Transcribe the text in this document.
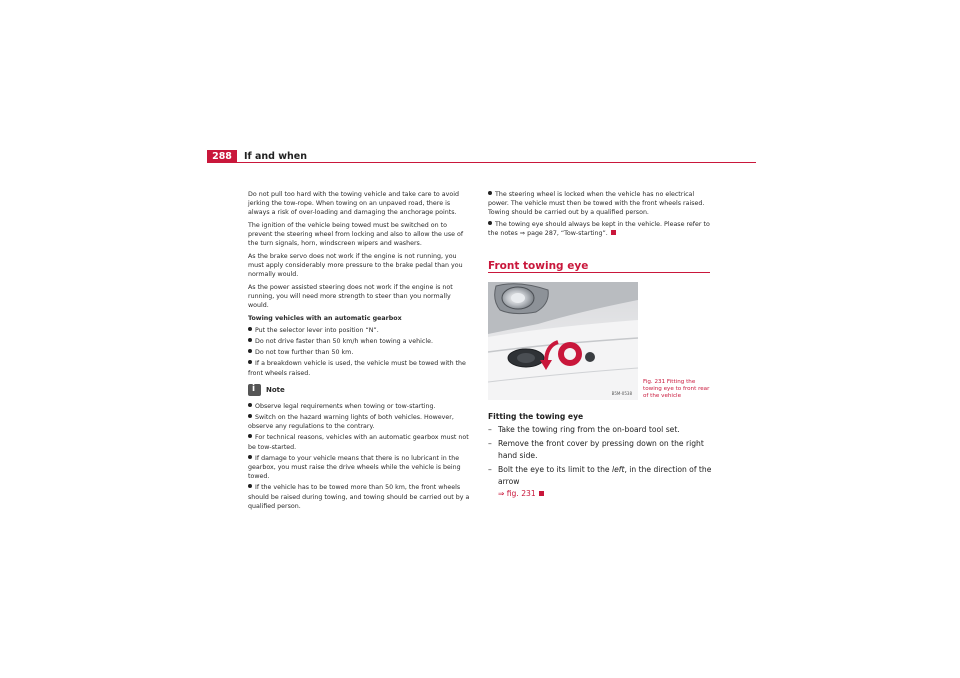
288	If and when

Do not pull too hard with the towing vehicle and take care to avoid jerking the tow-rope. When towing on an unpaved road, there is always a risk of over-loading and damaging the anchorage points.

The ignition of the vehicle being towed must be switched on to prevent the steering wheel from locking and also to allow the use of the turn signals, horn, windscreen wipers and washers.

As the brake servo does not work if the engine is not running, you must apply considerably more pressure to the brake pedal than you normally would.

As the power assisted steering does not work if the engine is not running, you will need more strength to steer than you normally would.

Towing vehicles with an automatic gearbox
Put the selector lever into position “N”.
Do not drive faster than 50 km/h when towing a vehicle.
Do not tow further than 50 km.
If a breakdown vehicle is used, the vehicle must be towed with the front wheels raised.
i Note
Observe legal requirements when towing or tow-starting.
Switch on the hazard warning lights of both vehicles. However, observe any regulations to the contrary.
For technical reasons, vehicles with an automatic gearbox must not be tow-started.
If damage to your vehicle means that there is no lubricant in the gearbox, you must raise the drive wheels while the vehicle is being towed.
If the vehicle has to be towed more than 50 km, the front wheels should be raised during towing, and towing should be carried out by a qualified person.
The steering wheel is locked when the vehicle has no electrical power. The vehicle must then be towed with the front wheels raised. Towing should be carried out by a qualified person.
The towing eye should always be kept in the vehicle. Please refer to the notes ⇒ page 287, “Tow-starting”.
Front towing eye
B5M-0538
Fig. 231 Fitting the towing eye to front rear of the vehicle
Fitting the towing eye
– Take the towing ring from the on-board tool set.
– Remove the front cover by pressing down on the right hand side.
– Bolt the eye to its limit to the left, in the direction of the arrow
⇒ fig. 231
